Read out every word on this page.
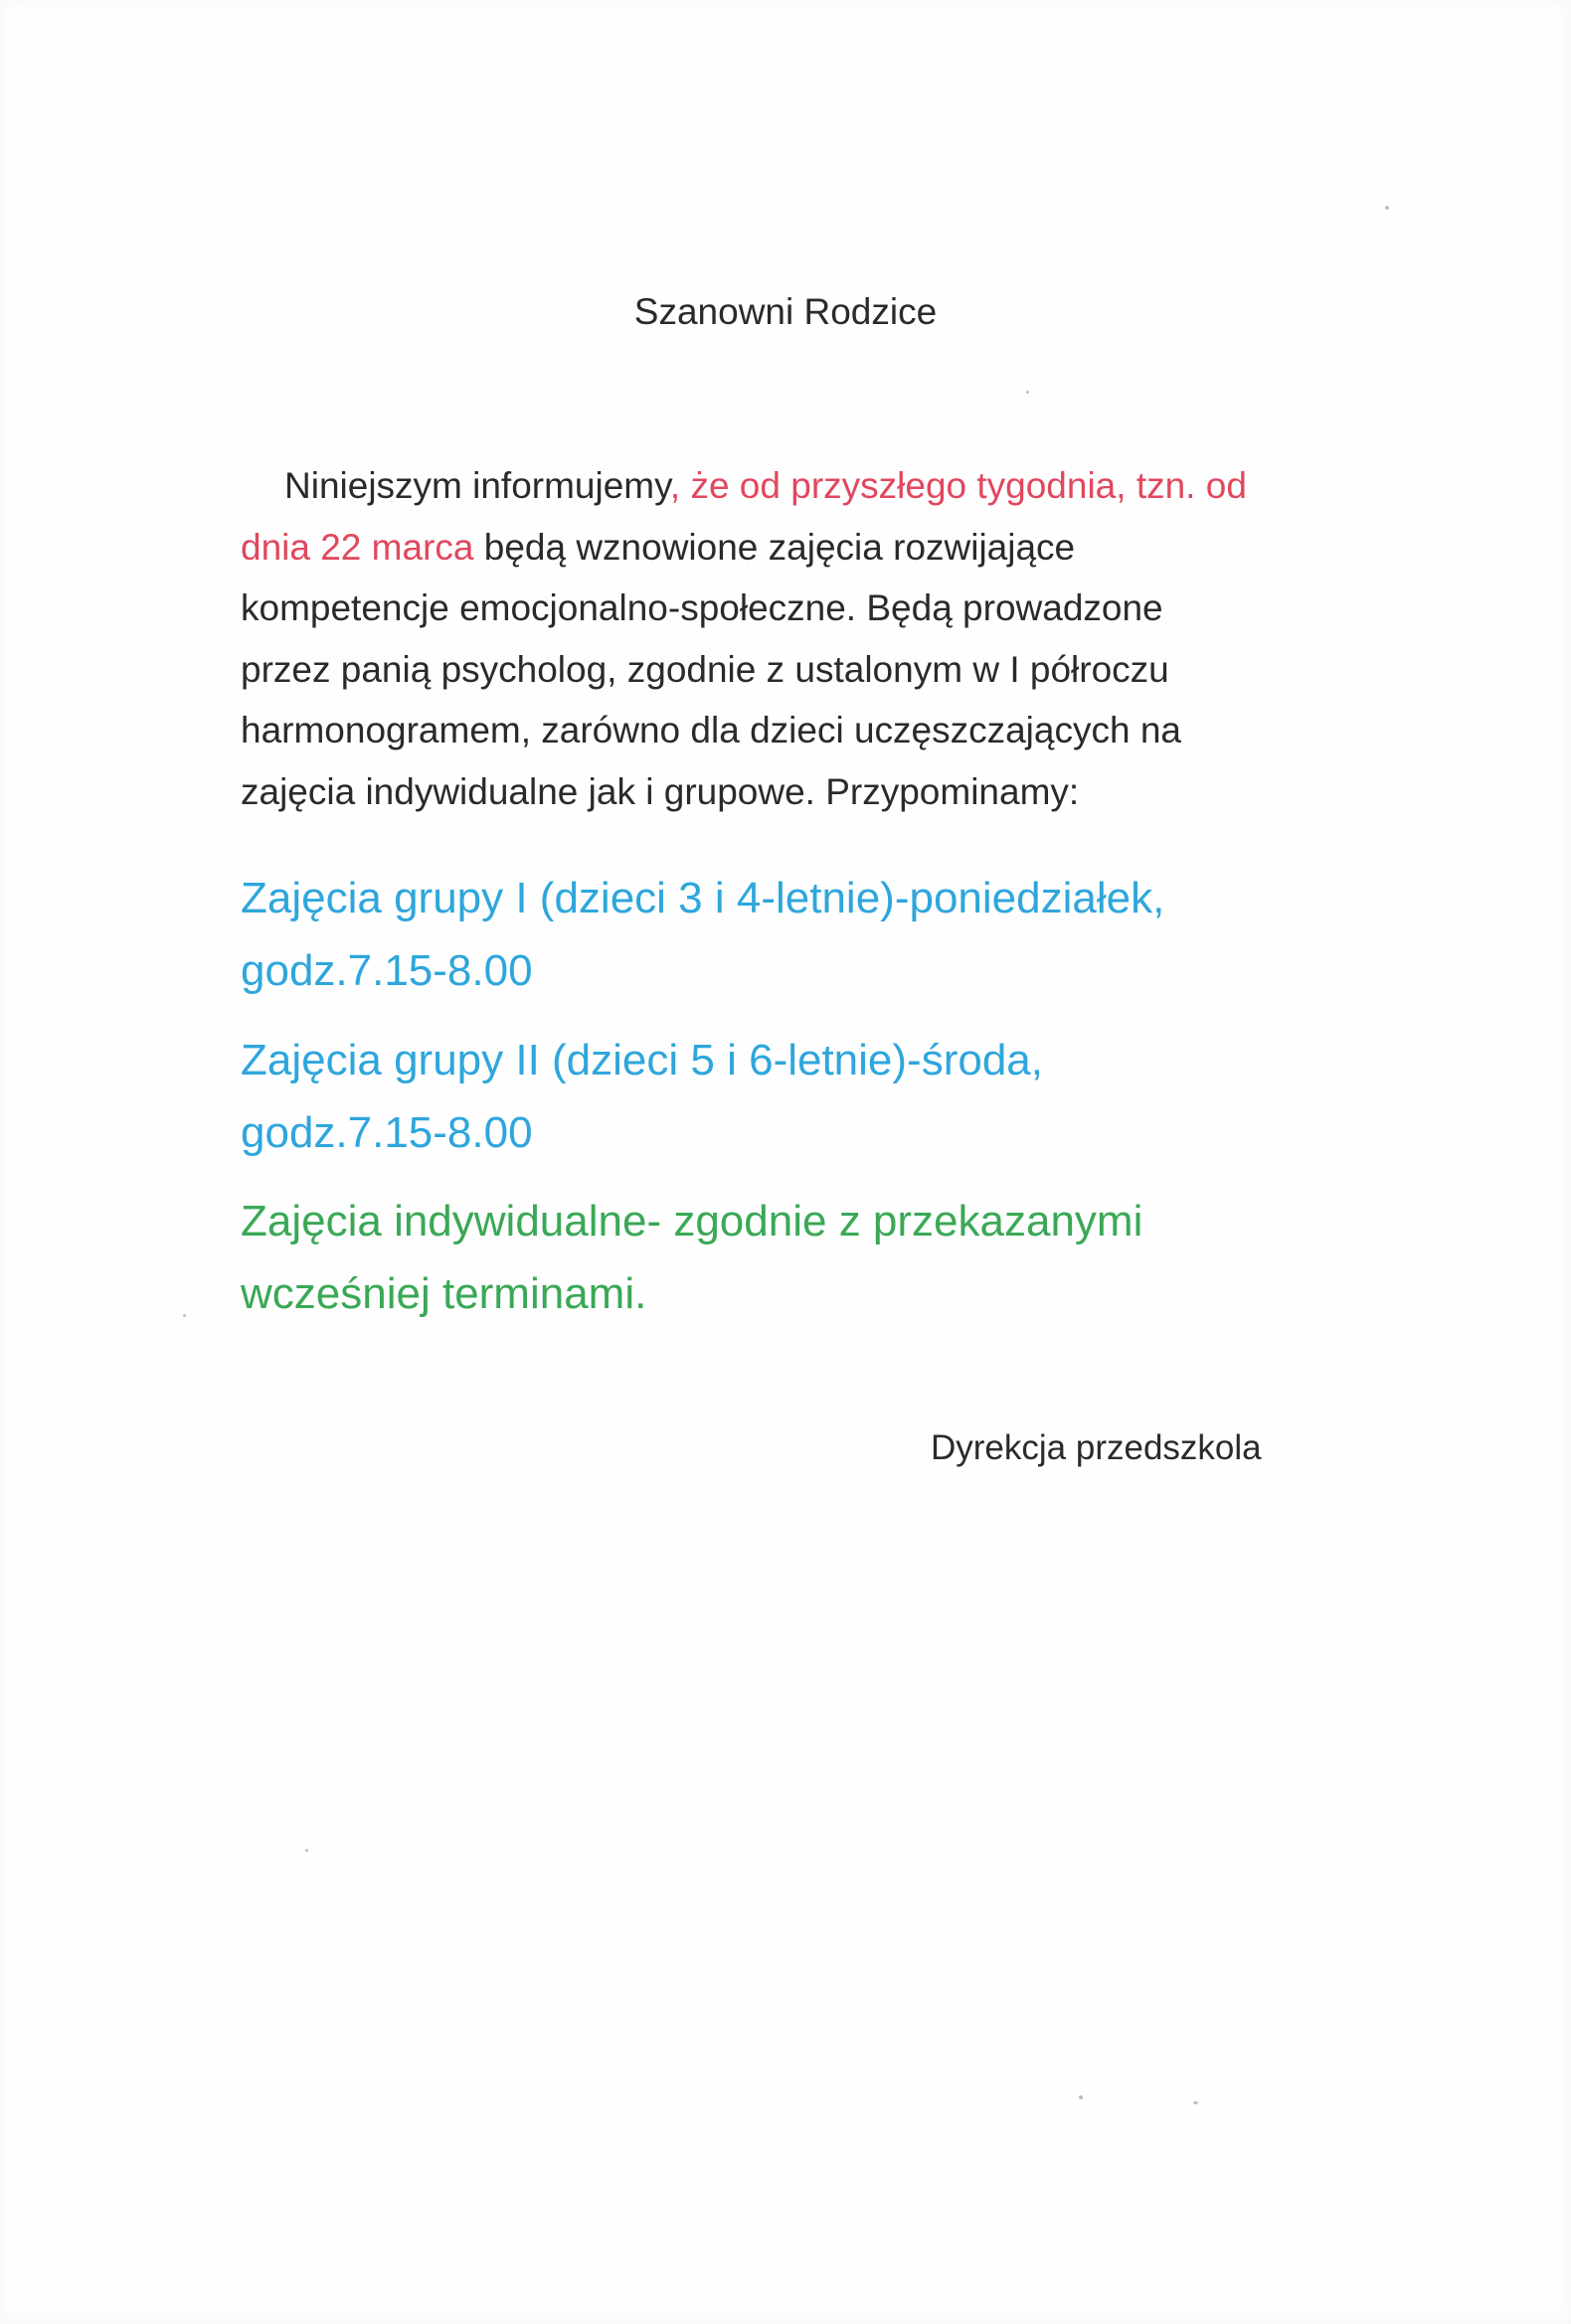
Szanowni Rodzice

Niniejszym informujemy, że od przyszłego tygodnia, tzn. od
dnia 22 marca będą wznowione zajęcia rozwijające
kompetencje emocjonalno-społeczne. Będą prowadzone
przez panią psycholog, zgodnie z ustalonym w I półroczu
harmonogramem, zarówno dla dzieci uczęszczających na
zajęcia indywidualne jak i grupowe. Przypominamy:

Zajęcia grupy I (dzieci 3 i 4-letnie)-poniedziałek,
godz.7.15-8.00

Zajęcia grupy II (dzieci 5 i 6-letnie)-środa,
godz.7.15-8.00

Zajęcia indywidualne- zgodnie z przekazanymi
wcześniej terminami.

Dyrekcja przedszkola
